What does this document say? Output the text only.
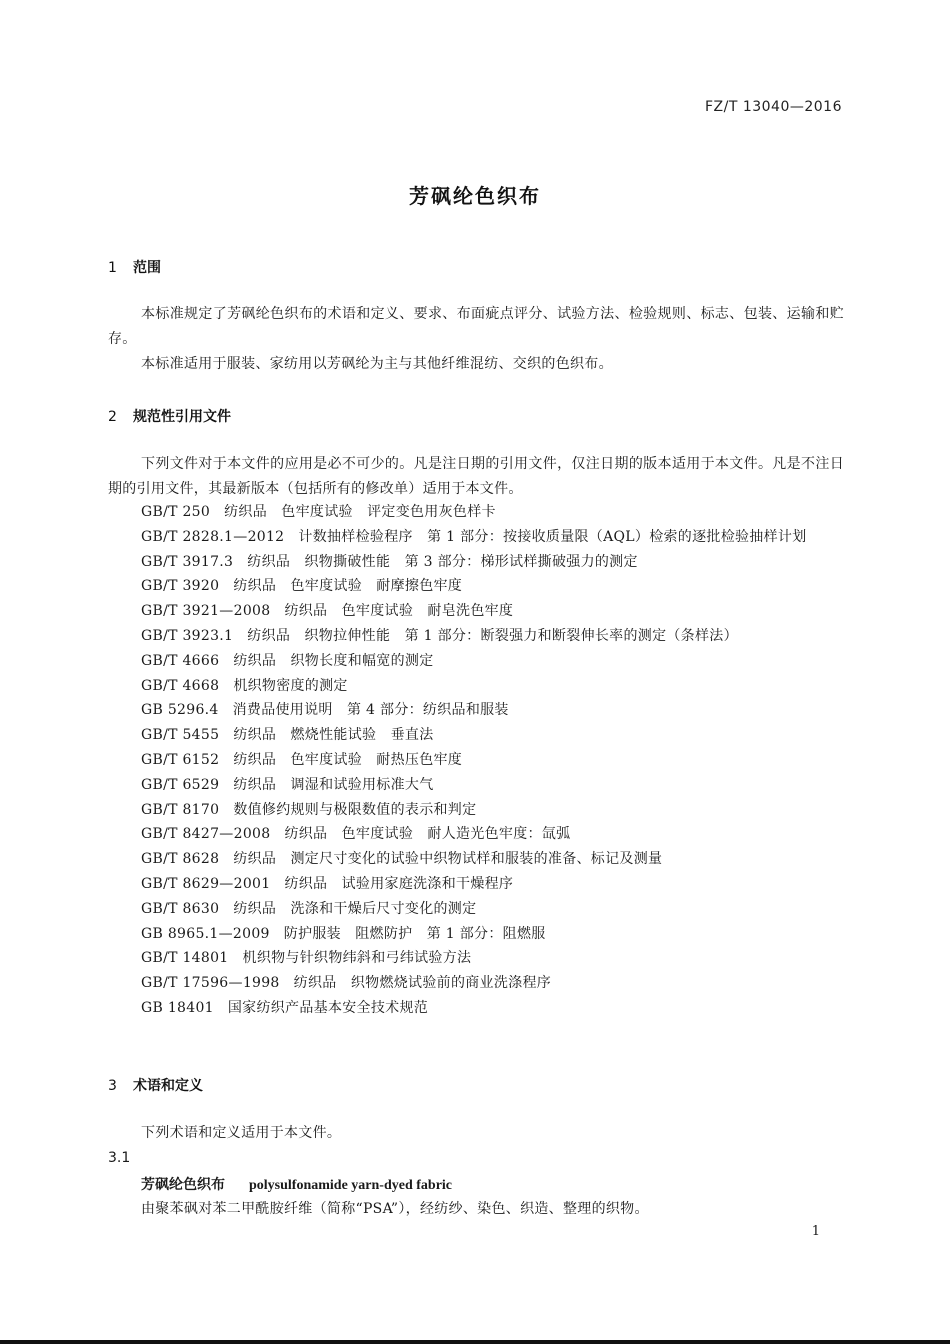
FZ/T 13040—2016
芳砜纶色织布
1 范围
本标准规定了芳砜纶色织布的术语和定义、要求、布面疵点评分、试验方法、检验规则、标志、包装、运输和贮存。
本标准适用于服装、家纺用以芳砜纶为主与其他纤维混纺、交织的色织布。
2 规范性引用文件
下列文件对于本文件的应用是必不可少的。凡是注日期的引用文件，仅注日期的版本适用于本文件。凡是不注日期的引用文件，其最新版本（包括所有的修改单）适用于本文件。
GB/T 250 纺织品　色牢度试验　评定变色用灰色样卡
GB/T 2828.1—2012 计数抽样检验程序　第 1 部分：按接收质量限（AQL）检索的逐批检验抽样计划
GB/T 3917.3 纺织品　织物撕破性能　第 3 部分：梯形试样撕破强力的测定
GB/T 3920 纺织品　色牢度试验　耐摩擦色牢度
GB/T 3921—2008 纺织品　色牢度试验　耐皂洗色牢度
GB/T 3923.1 纺织品　织物拉伸性能　第 1 部分：断裂强力和断裂伸长率的测定（条样法）
GB/T 4666 纺织品　织物长度和幅宽的测定
GB/T 4668 机织物密度的测定
GB 5296.4 消费品使用说明　第 4 部分：纺织品和服装
GB/T 5455 纺织品　燃烧性能试验　垂直法
GB/T 6152 纺织品　色牢度试验　耐热压色牢度
GB/T 6529 纺织品　调湿和试验用标准大气
GB/T 8170 数值修约规则与极限数值的表示和判定
GB/T 8427—2008 纺织品　色牢度试验　耐人造光色牢度：氙弧
GB/T 8628 纺织品　测定尺寸变化的试验中织物试样和服装的准备、标记及测量
GB/T 8629—2001 纺织品　试验用家庭洗涤和干燥程序
GB/T 8630 纺织品　洗涤和干燥后尺寸变化的测定
GB 8965.1—2009 防护服装　阻燃防护　第 1 部分：阻燃服
GB/T 14801 机织物与针织物纬斜和弓纬试验方法
GB/T 17596—1998 纺织品　织物燃烧试验前的商业洗涤程序
GB 18401 国家纺织产品基本安全技术规范
3 术语和定义
下列术语和定义适用于本文件。
3.1
芳砜纶色织布 polysulfonamide yarn-dyed fabric
由聚苯砜对苯二甲酰胺纤维（简称“PSA”），经纺纱、染色、织造、整理的织物。
1
